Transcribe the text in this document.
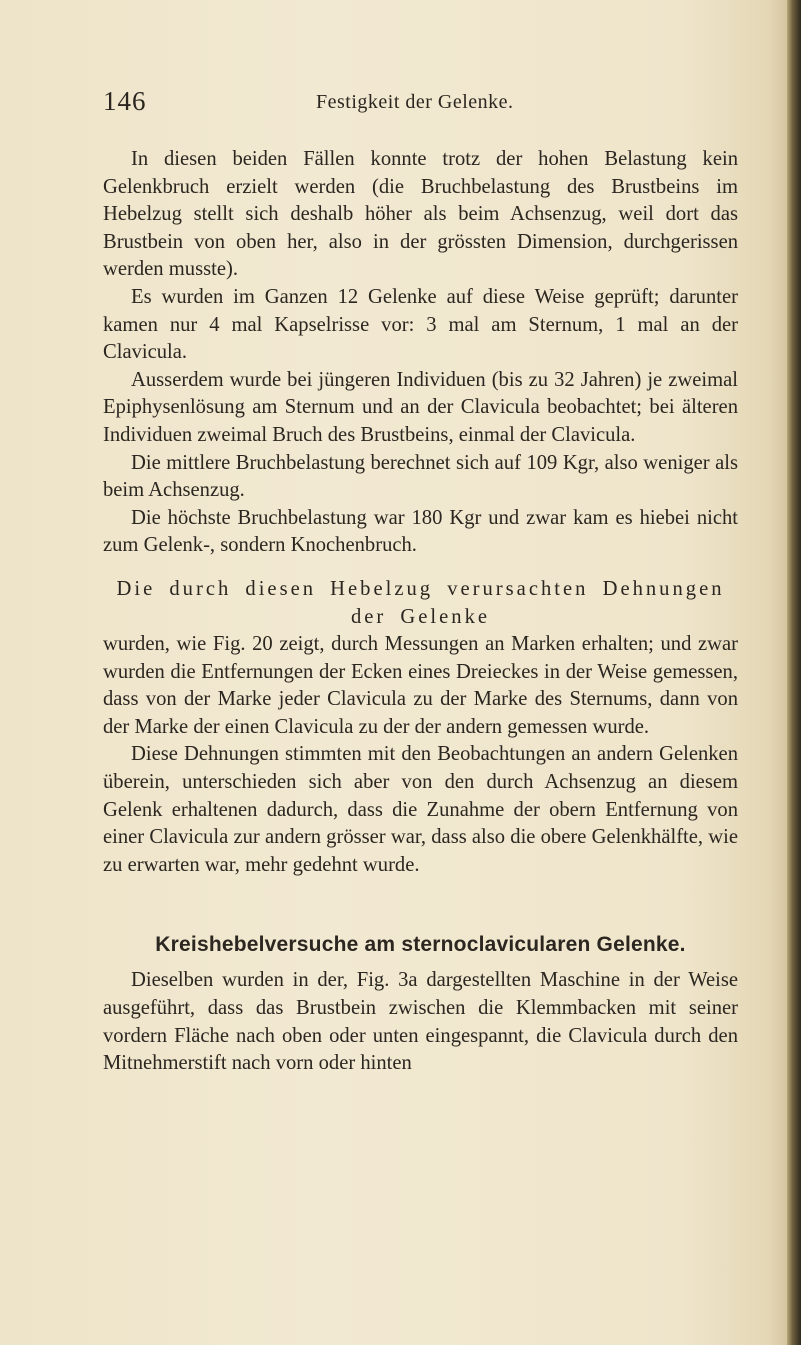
146	Festigkeit der Gelenke.

In diesen beiden Fällen konnte trotz der hohen Belastung kein Gelenkbruch erzielt werden (die Bruchbelastung des Brustbeins im Hebelzug stellt sich deshalb höher als beim Achsenzug, weil dort das Brustbein von oben her, also in der grössten Dimension, durchgerissen werden musste).

Es wurden im Ganzen 12 Gelenke auf diese Weise geprüft; darunter kamen nur 4 mal Kapselrisse vor: 3 mal am Sternum, 1 mal an der Clavicula.

Ausserdem wurde bei jüngeren Individuen (bis zu 32 Jahren) je zweimal Epiphysenlösung am Sternum und an der Clavicula beobachtet; bei älteren Individuen zweimal Bruch des Brustbeins, einmal der Clavicula.

Die mittlere Bruchbelastung berechnet sich auf 109 Kgr, also weniger als beim Achsenzug.

Die höchste Bruchbelastung war 180 Kgr und zwar kam es hiebei nicht zum Gelenk-, sondern Knochenbruch.

Die durch diesen Hebelzug verursachten Dehnungen
der Gelenke

wurden, wie Fig. 20 zeigt, durch Messungen an Marken erhalten; und zwar wurden die Entfernungen der Ecken eines Dreieckes in der Weise gemessen, dass von der Marke jeder Clavicula zu der Marke des Sternums, dann von der Marke der einen Clavicula zu der der andern gemessen wurde.

Diese Dehnungen stimmten mit den Beobachtungen an andern Gelenken überein, unterschieden sich aber von den durch Achsenzug an diesem Gelenk erhaltenen dadurch, dass die Zunahme der obern Entfernung von einer Clavicula zur andern grösser war, dass also die obere Gelenkhälfte, wie zu erwarten war, mehr gedehnt wurde.

Kreishebelversuche am sternoclavicularen Gelenke.

Dieselben wurden in der, Fig. 3a dargestellten Maschine in der Weise ausgeführt, dass das Brustbein zwischen die Klemmbacken mit seiner vordern Fläche nach oben oder unten eingespannt, die Clavicula durch den Mitnehmerstift nach vorn oder hinten
